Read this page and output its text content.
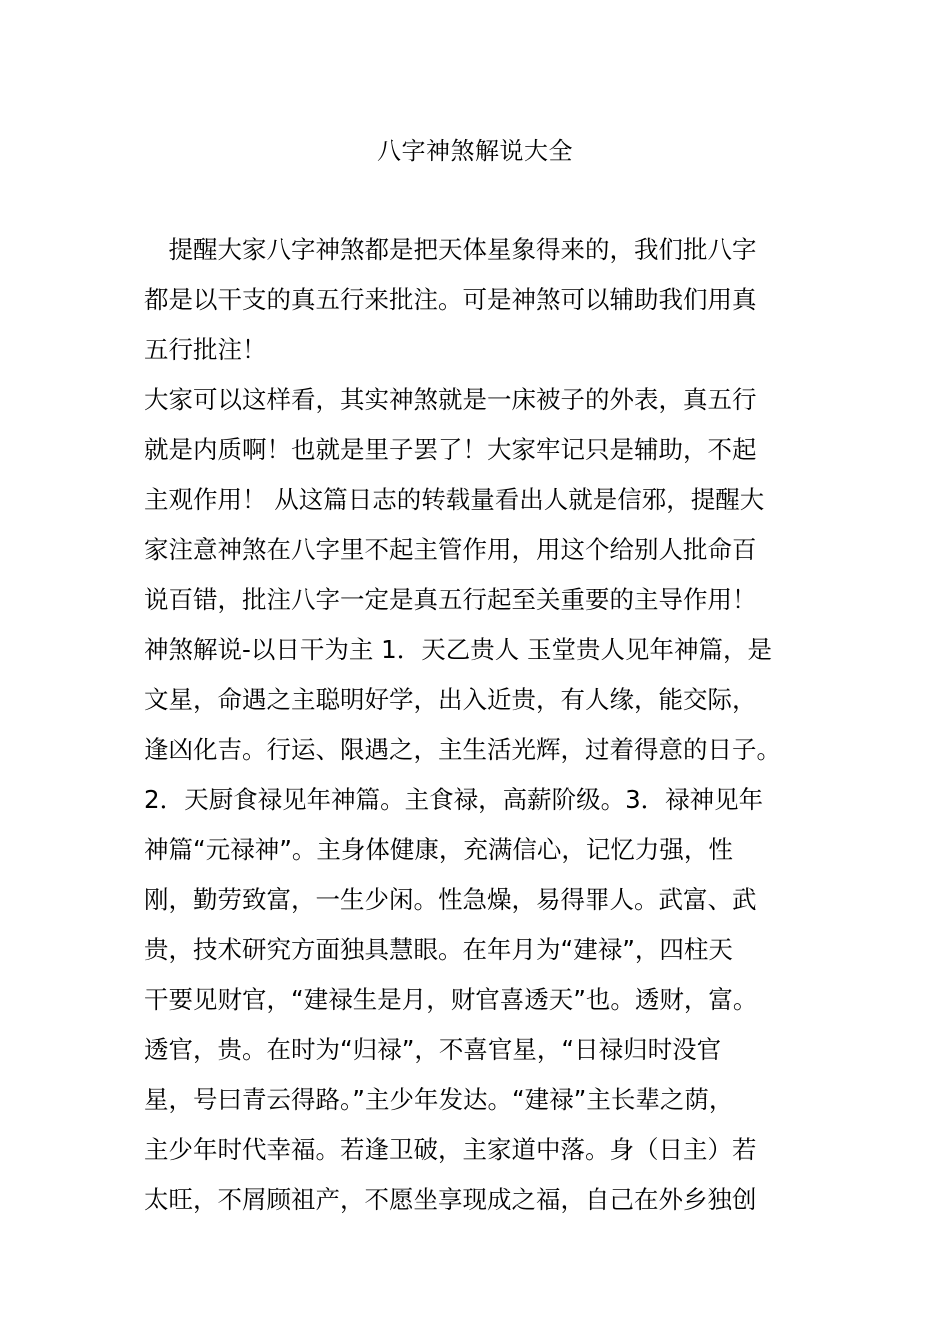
八字神煞解说大全
　提醒大家八字神煞都是把天体星象得来的，我们批八字
都是以干支的真五行来批注。可是神煞可以辅助我们用真
五行批注！
大家可以这样看，其实神煞就是一床被子的外表，真五行
就是内质啊！也就是里子罢了！大家牢记只是辅助，不起
主观作用！ 从这篇日志的转载量看出人就是信邪，提醒大
家注意神煞在八字里不起主管作用，用这个给别人批命百
说百错，批注八字一定是真五行起至关重要的主导作用！
神煞解说-以日干为主 1．天乙贵人 玉堂贵人见年神篇，是
文星，命遇之主聪明好学，出入近贵，有人缘，能交际，
逢凶化吉。行运、限遇之，主生活光辉，过着得意的日子。
2．天厨食禄见年神篇。主食禄，高薪阶级。3．禄神见年
神篇“元禄神”。主身体健康，充满信心，记忆力强，性
刚，勤劳致富，一生少闲。性急燥，易得罪人。武富、武
贵，技术研究方面独具慧眼。在年月为“建禄”，四柱天
干要见财官，“建禄生是月，财官喜透天”也。透财，富。
透官，贵。在时为“归禄”，不喜官星，“日禄归时没官
星，号曰青云得路。”主少年发达。“建禄”主长辈之荫，
主少年时代幸福。若逢卫破，主家道中落。身（日主）若
太旺，不屑顾祖产，不愿坐享现成之福，自己在外乡独创
